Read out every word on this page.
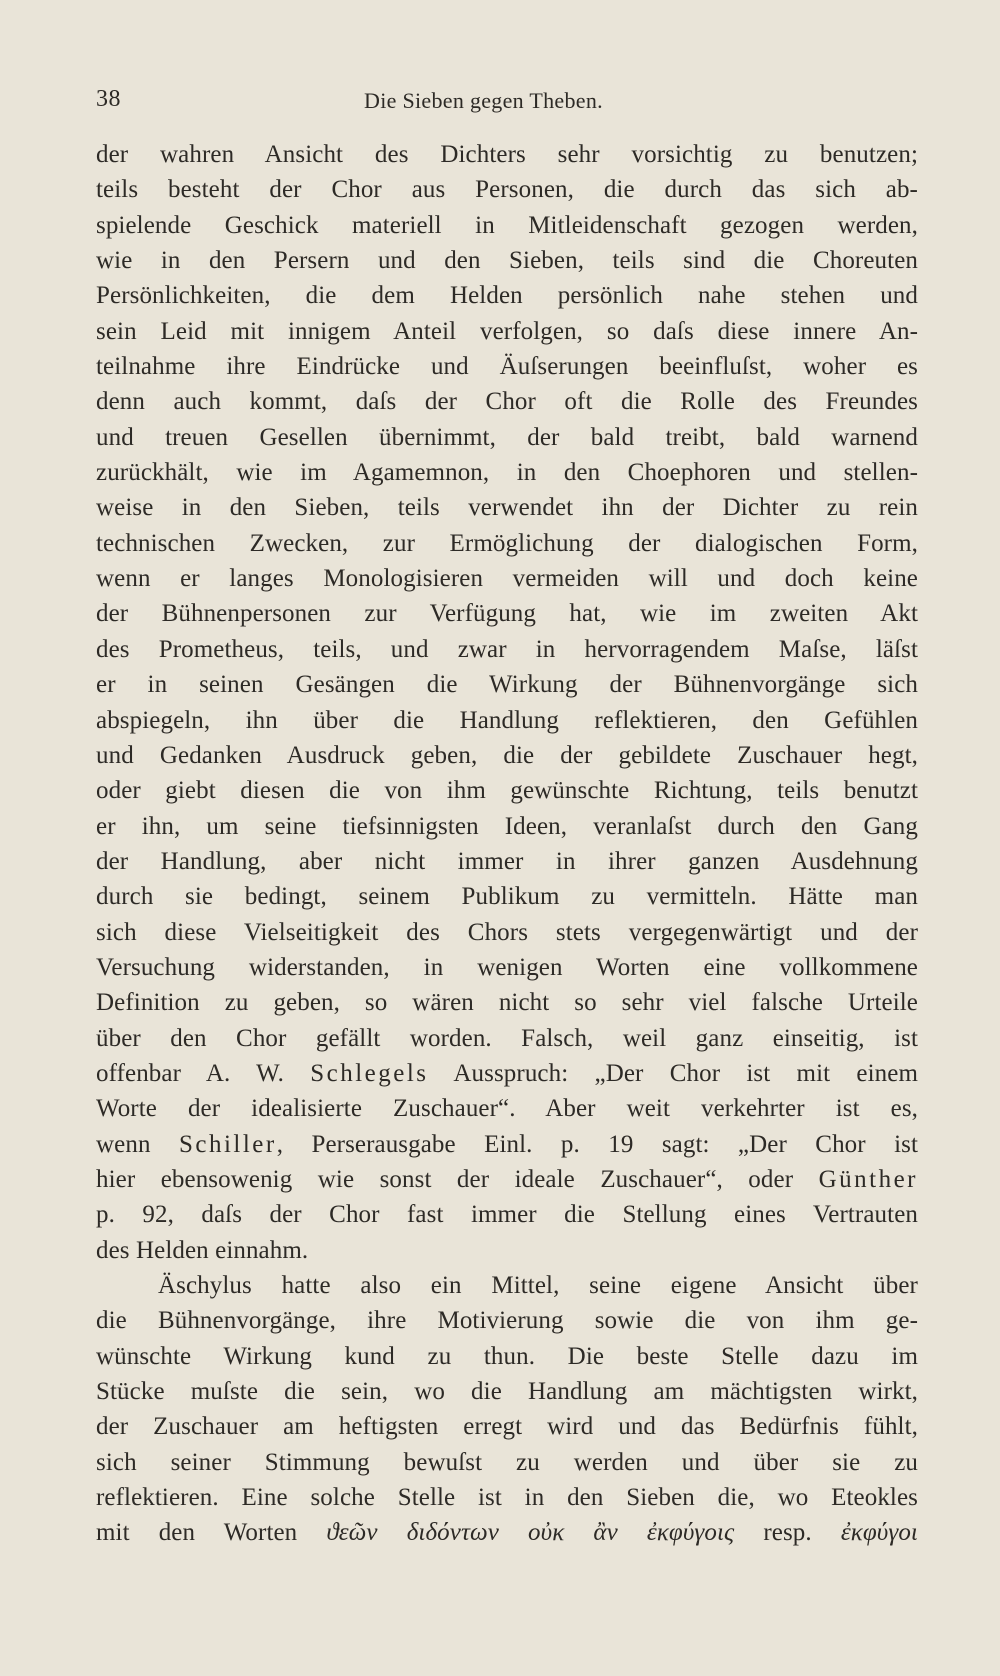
38	Die Sieben gegen Theben.
der wahren Ansicht des Dichters sehr vorsichtig zu benutzen;
teils besteht der Chor aus Personen, die durch das sich ab-
spielende Geschick materiell in Mitleidenschaft gezogen werden,
wie in den Persern und den Sieben, teils sind die Choreuten
Persönlichkeiten, die dem Helden persönlich nahe stehen und
sein Leid mit innigem Anteil verfolgen, so daſs diese innere An-
teilnahme ihre Eindrücke und Äuſserungen beeinfluſst, woher es
denn auch kommt, daſs der Chor oft die Rolle des Freundes
und treuen Gesellen übernimmt, der bald treibt, bald warnend
zurückhält, wie im Agamemnon, in den Choephoren und stellen-
weise in den Sieben, teils verwendet ihn der Dichter zu rein
technischen Zwecken, zur Ermöglichung der dialogischen Form,
wenn er langes Monologisieren vermeiden will und doch keine
der Bühnenpersonen zur Verfügung hat, wie im zweiten Akt
des Prometheus, teils, und zwar in hervorragendem Maſse, läſst
er in seinen Gesängen die Wirkung der Bühnenvorgänge sich
abspiegeln, ihn über die Handlung reflektieren, den Gefühlen
und Gedanken Ausdruck geben, die der gebildete Zuschauer hegt,
oder giebt diesen die von ihm gewünschte Richtung, teils benutzt
er ihn, um seine tiefsinnigsten Ideen, veranlaſst durch den Gang
der Handlung, aber nicht immer in ihrer ganzen Ausdehnung
durch sie bedingt, seinem Publikum zu vermitteln. Hätte man
sich diese Vielseitigkeit des Chors stets vergegenwärtigt und der
Versuchung widerstanden, in wenigen Worten eine vollkommene
Definition zu geben, so wären nicht so sehr viel falsche Urteile
über den Chor gefällt worden. Falsch, weil ganz einseitig, ist
offenbar A. W. Schlegels Ausspruch: „Der Chor ist mit einem
Worte der idealisierte Zuschauer“. Aber weit verkehrter ist es,
wenn Schiller, Perserausgabe Einl. p. 19 sagt: „Der Chor ist
hier ebensowenig wie sonst der ideale Zuschauer“, oder Günther
p. 92, daſs der Chor fast immer die Stellung eines Vertrauten
des Helden einnahm.
Äschylus hatte also ein Mittel, seine eigene Ansicht über
die Bühnenvorgänge, ihre Motivierung sowie die von ihm ge-
wünschte Wirkung kund zu thun. Die beste Stelle dazu im
Stücke muſste die sein, wo die Handlung am mächtigsten wirkt,
der Zuschauer am heftigsten erregt wird und das Bedürfnis fühlt,
sich seiner Stimmung bewuſst zu werden und über sie zu
reflektieren. Eine solche Stelle ist in den Sieben die, wo Eteokles
mit den Worten ϑεῶν διδόντων οὐκ ἂν ἐκφύγοις resp. ἐκφύγοι
